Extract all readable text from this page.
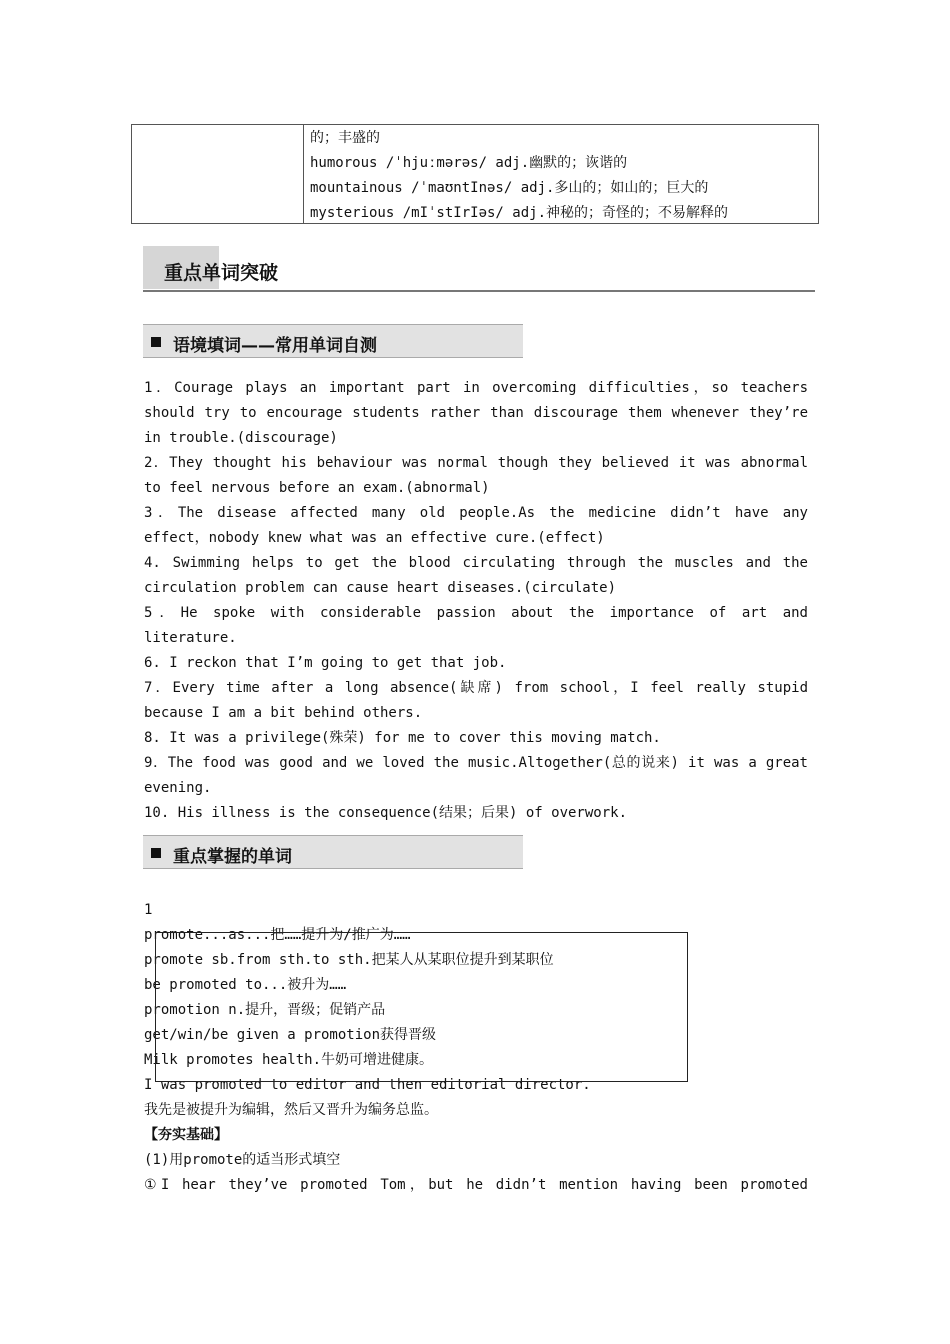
的；丰盛的
humorous /ˈhjuːmərəs/ adj.幽默的；诙谐的
mountainous /ˈmaʊntInəs/ adj.多山的；如山的；巨大的
mysterious /mIˈstIrIəs/ adj.神秘的；奇怪的；不易解释的
重点单词突破
语境填词——常用单词自测
1．Courage plays an important part in overcoming difficulties，so teachers
should try to encourage students rather than discourage them whenever they’re
in trouble.(discourage)
2．They thought his behaviour was normal though they believed it was abnormal
to feel nervous before an exam.(abnormal)
3．The disease affected many old people.As the medicine didn’t have any
effect，nobody knew what was an effective cure.(effect)
4. Swimming helps to get the blood circulating through the muscles and the
circulation problem can cause heart diseases.(circulate)
5．He spoke with considerable passion about the importance of art and
literature.
6. I reckon that I’m going to get that job.
7．Every time after a long absence(缺席) from school，I feel really stupid
because I am a bit behind others.
8. It was a privilege(殊荣) for me to cover this moving match.
9．The food was good and we loved the music.Altogether(总的说来) it was a great
evening.
10. His illness is the consequence(结果；后果) of overwork.
重点掌握的单词
1
promote...as...把……提升为/推广为……
promote sb.from sth.to sth.把某人从某职位提升到某职位
be promoted to...被升为……
promotion n.提升，晋级；促销产品
get/win/be given a promotion获得晋级
Milk promotes health.牛奶可增进健康。
I was promoted to editor and then editorial director.
我先是被提升为编辑，然后又晋升为编务总监。
【夯实基础】
(1)用promote的适当形式填空
①I hear they’ve promoted Tom，but he didn’t mention having been promoted
